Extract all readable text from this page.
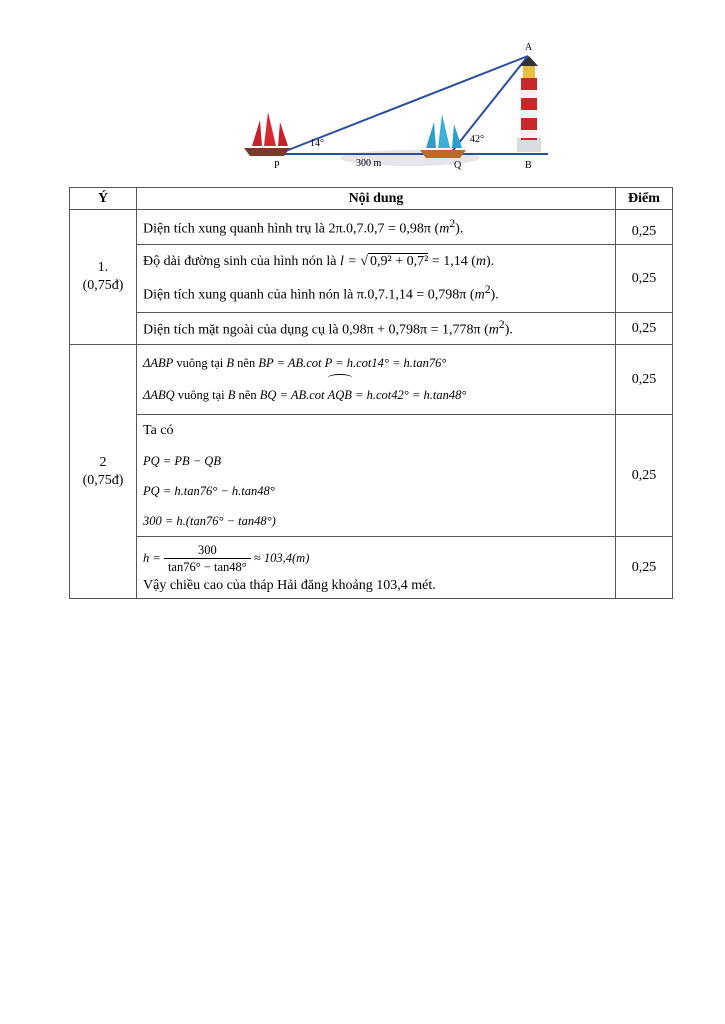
A
P	Q	B
300 m
14°	42°
Ý	Nội dung	Điểm

1.
(0,75đ)	Diện tích xung quanh hình trụ là 2π.0,7.0,7 = 0,98π $(m^2)$.	0,25

	Độ dài đường sinh của hình nón là l = √ 0,9² + 0,7² = 1,14 (m).
Diện tích xung quanh của hình nón là π.0,7.1,14 = 0,798π $(m^2)$.	0,25
	Diện tích mặt ngoài của dụng cụ là 0,98π + 0,798π = 1,778π $(m^2)$.	0,25

2
(0,75đ)	ΔABP vuông tại B nên BP = AB.cot P = h.cot14° = h.tan76°
ΔABQ vuông tại B nên BQ = AB.cot AQB = h.cot42° = h.tan48°	0,25

	Ta có
PQ = PB − QB
PQ = h.tan76° − h.tan48°
300 = h.(tan76° − tan48°)	0,25

	$h = \frac{300}{\tan 76^\circ - \tan 48^\circ} \approx 103,4(m)$
Vậy chiều cao của tháp Hải đăng khoảng 103,4 mét.	0,25
